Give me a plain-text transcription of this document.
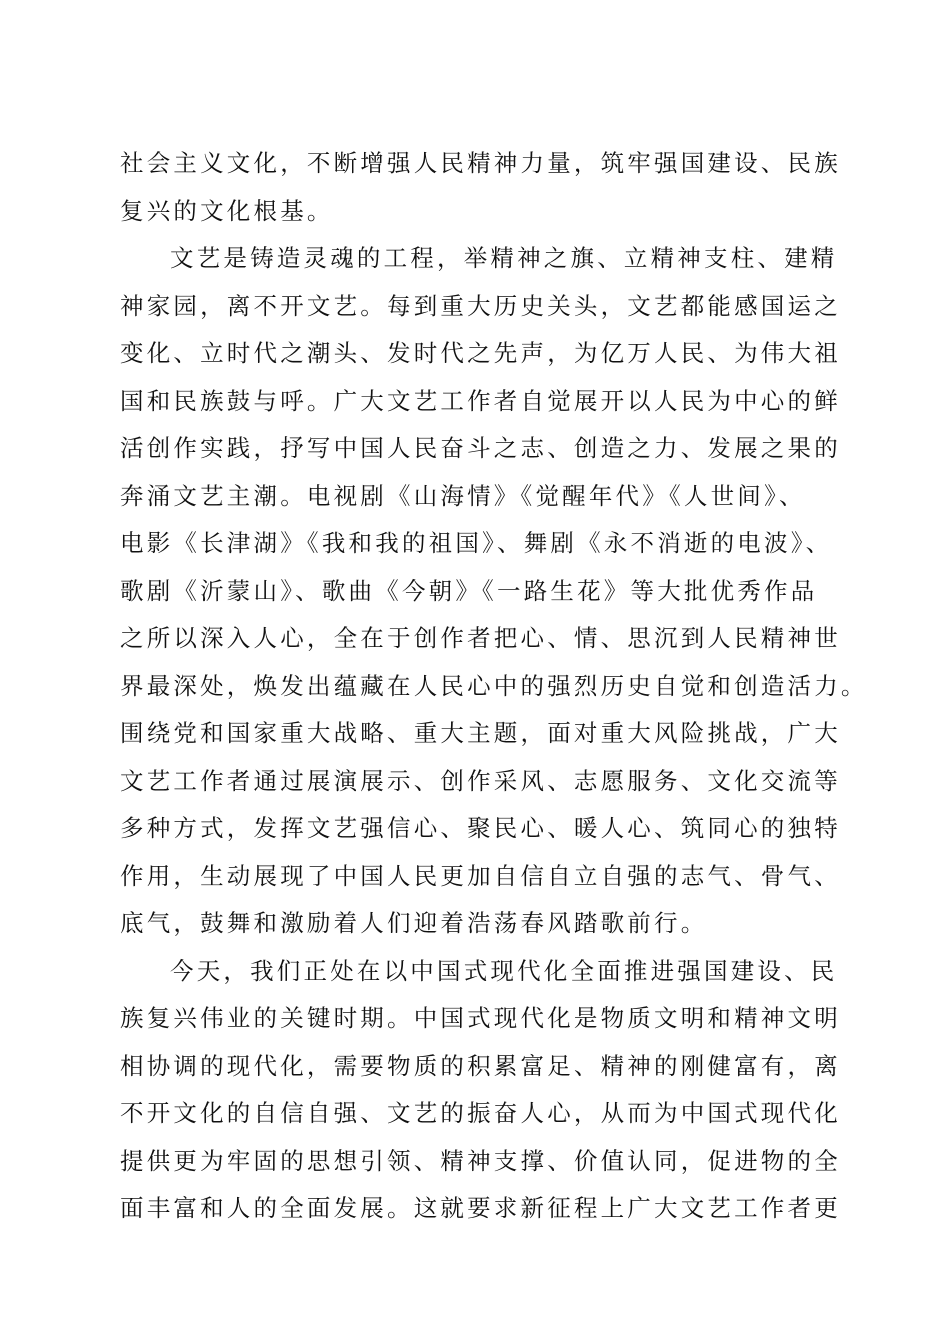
社会主义文化，不断增强人民精神力量，筑牢强国建设、民族
复兴的文化根基。
文艺是铸造灵魂的工程，举精神之旗、立精神支柱、建精
神家园，离不开文艺。每到重大历史关头，文艺都能感国运之
变化、立时代之潮头、发时代之先声，为亿万人民、为伟大祖
国和民族鼓与呼。广大文艺工作者自觉展开以人民为中心的鲜
活创作实践，抒写中国人民奋斗之志、创造之力、发展之果的
奔涌文艺主潮。电视剧《山海情》《觉醒年代》《人世间》、
电影《长津湖》《我和我的祖国》、舞剧《永不消逝的电波》、
歌剧《沂蒙山》、歌曲《今朝》《一路生花》等大批优秀作品
之所以深入人心，全在于创作者把心、情、思沉到人民精神世
界最深处，焕发出蕴藏在人民心中的强烈历史自觉和创造活力。
围绕党和国家重大战略、重大主题，面对重大风险挑战，广大
文艺工作者通过展演展示、创作采风、志愿服务、文化交流等
多种方式，发挥文艺强信心、聚民心、暖人心、筑同心的独特
作用，生动展现了中国人民更加自信自立自强的志气、骨气、
底气，鼓舞和激励着人们迎着浩荡春风踏歌前行。
今天，我们正处在以中国式现代化全面推进强国建设、民
族复兴伟业的关键时期。中国式现代化是物质文明和精神文明
相协调的现代化，需要物质的积累富足、精神的刚健富有，离
不开文化的自信自强、文艺的振奋人心，从而为中国式现代化
提供更为牢固的思想引领、精神支撑、价值认同，促进物的全
面丰富和人的全面发展。这就要求新征程上广大文艺工作者更
